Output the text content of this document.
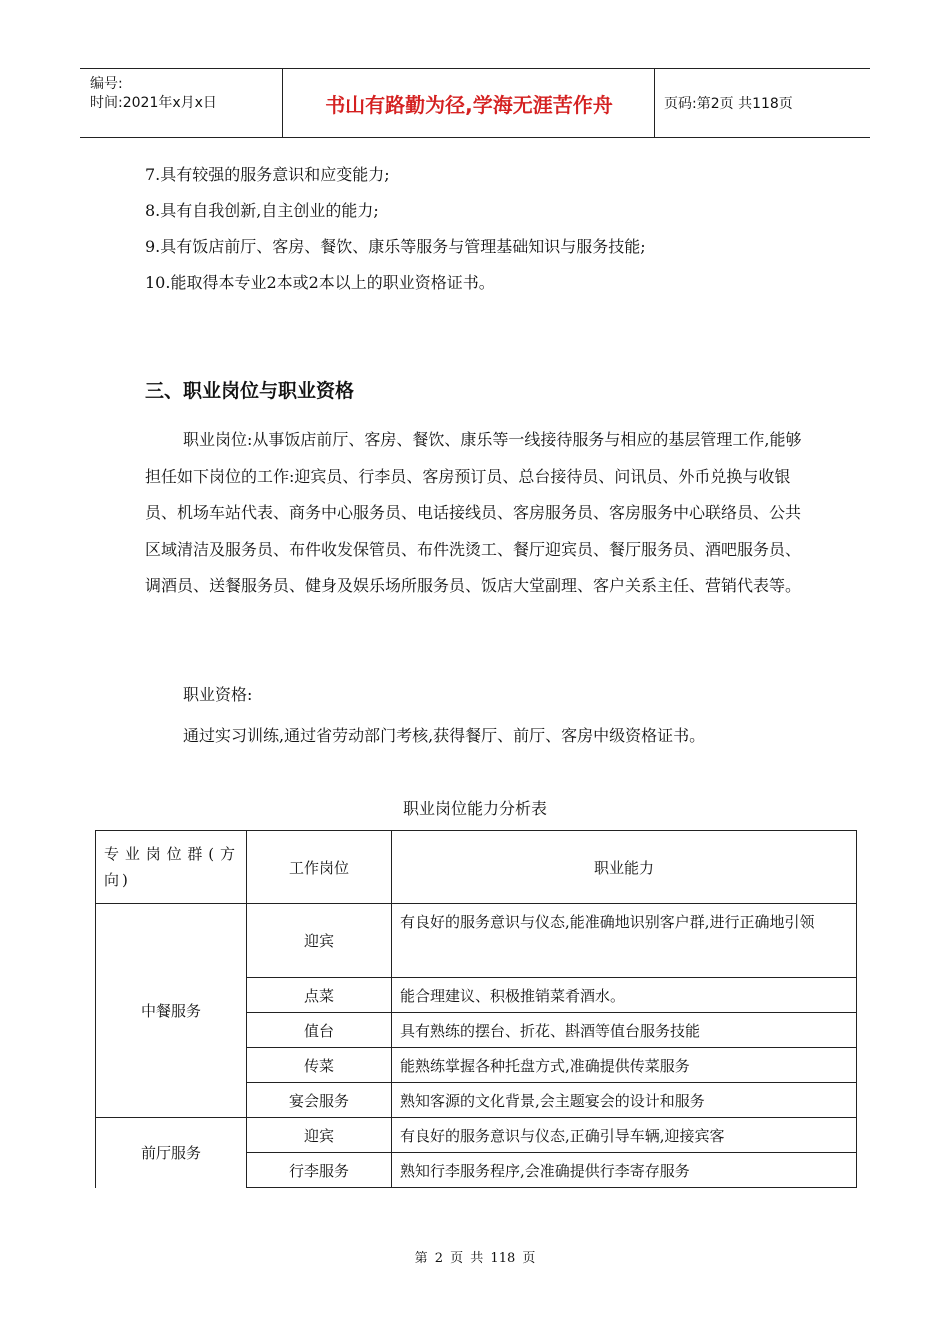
编号:
时间:2021年x月x日	书山有路勤为径,学海无涯苦作舟	页码:第2页 共118页
7.具有较强的服务意识和应变能力;
8.具有自我创新,自主创业的能力;
9.具有饭店前厅、客房、餐饮、康乐等服务与管理基础知识与服务技能;
10.能取得本专业2本或2本以上的职业资格证书。
三、职业岗位与职业资格
职业岗位:从事饭店前厅、客房、餐饮、康乐等一线接待服务与相应的基层管理工作,能够担任如下岗位的工作:迎宾员、行李员、客房预订员、总台接待员、问讯员、外币兑换与收银员、机场车站代表、商务中心服务员、电话接线员、客房服务员、客房服务中心联络员、公共区域清洁及服务员、布件收发保管员、布件洗烫工、餐厅迎宾员、餐厅服务员、酒吧服务员、调酒员、送餐服务员、健身及娱乐场所服务员、饭店大堂副理、客户关系主任、营销代表等。
职业资格:
通过实习训练,通过省劳动部门考核,获得餐厅、前厅、客房中级资格证书。
职业岗位能力分析表
专业岗位群(方向)	工作岗位	职业能力
中餐服务	迎宾	有良好的服务意识与仪态,能准确地识别客户群,进行正确地引领
	点菜	能合理建议、积极推销菜肴酒水。
	值台	具有熟练的摆台、折花、斟酒等值台服务技能
	传菜	能熟练掌握各种托盘方式,准确提供传菜服务
	宴会服务	熟知客源的文化背景,会主题宴会的设计和服务
前厅服务	迎宾	有良好的服务意识与仪态,正确引导车辆,迎接宾客
	行李服务	熟知行李服务程序,会准确提供行李寄存服务
第 2 页 共 118 页
